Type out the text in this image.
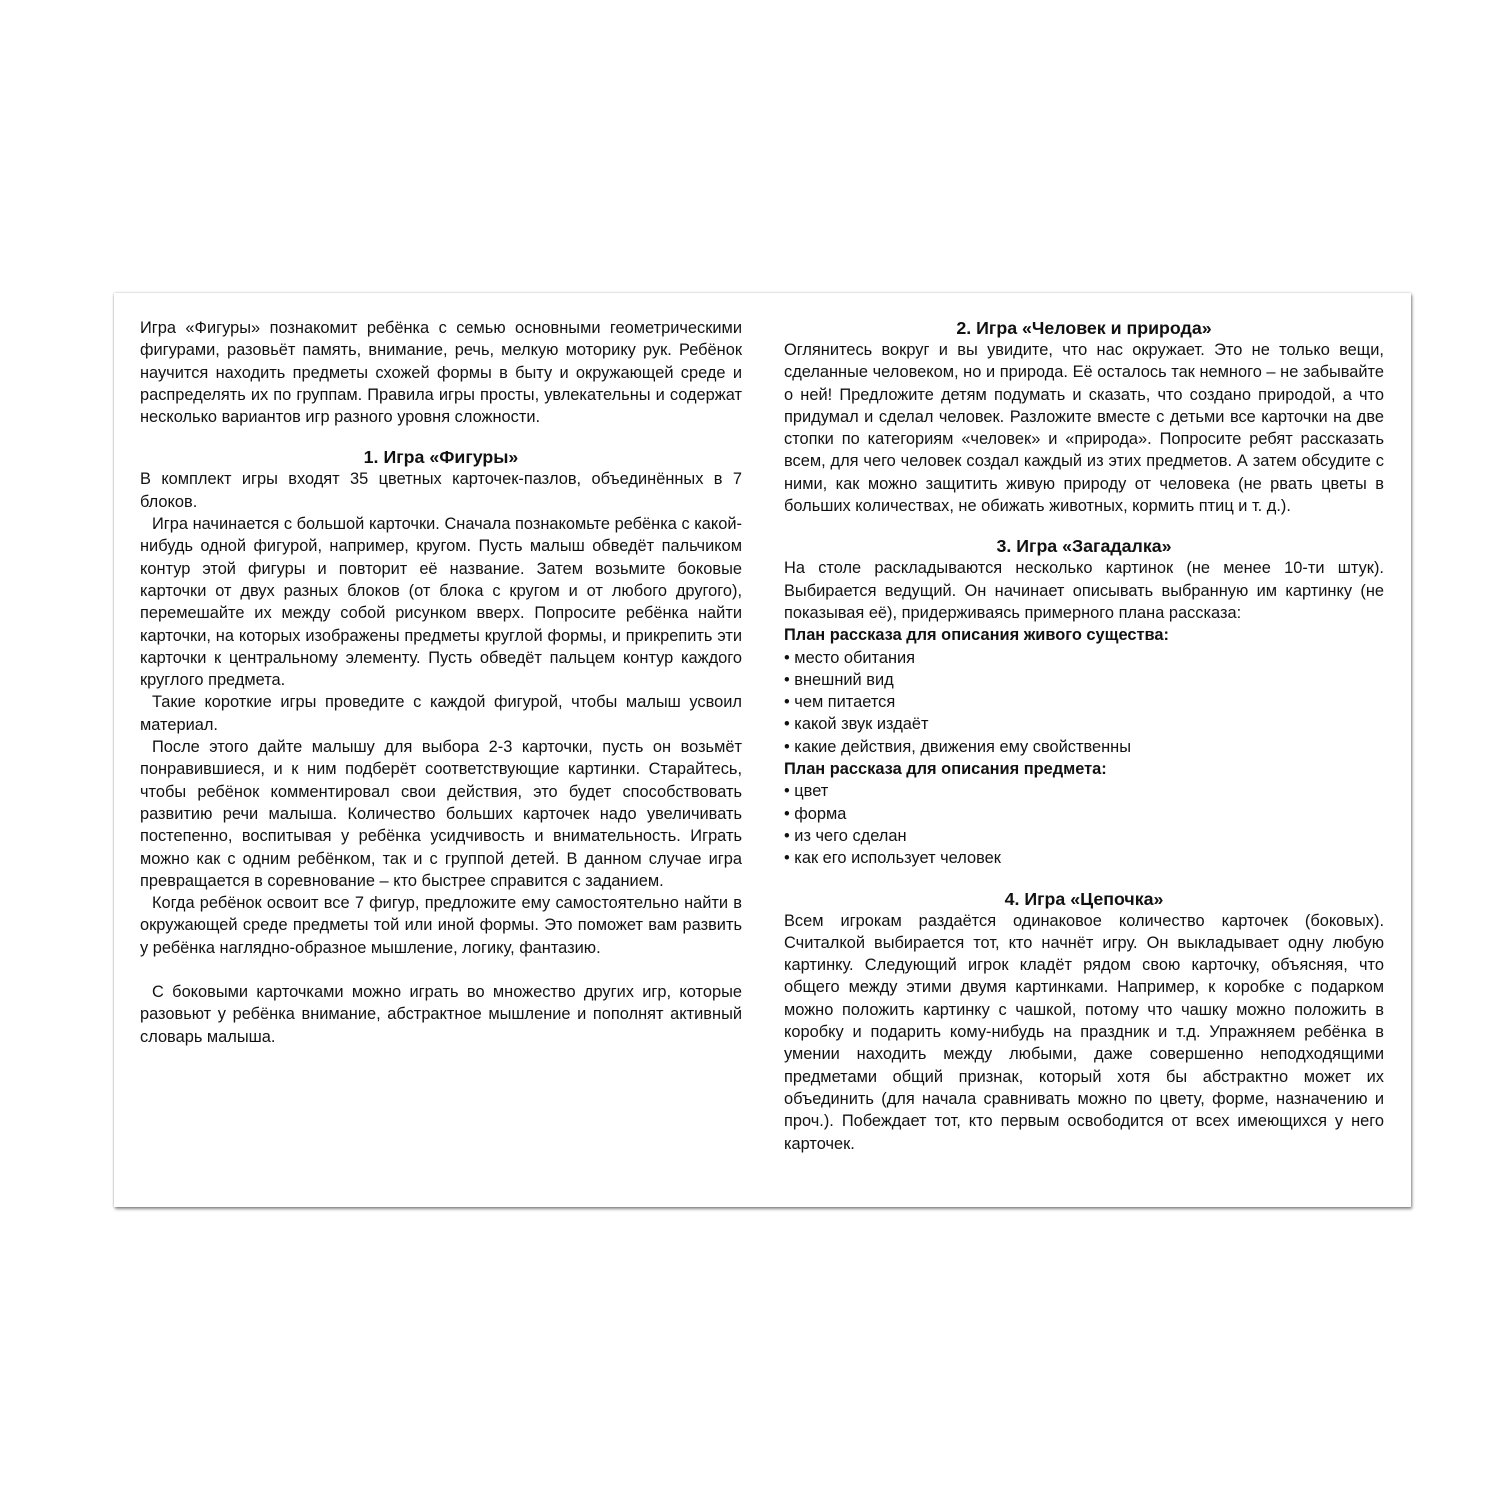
Игра «Фигуры» познакомит ребёнка с семью основными геометрическими фигурами, разовьёт память, внимание, речь, мелкую моторику рук. Ребёнок научится находить предметы схожей формы в быту и окружающей среде и распределять их по группам. Правила игры просты, увлекательны и содержат несколько вариантов игр разного уровня сложности.

1. Игра «Фигуры»

В комплект игры входят 35 цветных карточек-пазлов, объединённых в 7 блоков.

Игра начинается с большой карточки. Сначала познакомьте ребёнка с какой-нибудь одной фигурой, например, кругом. Пусть малыш обведёт пальчиком контур этой фигуры и повторит её название. Затем возьмите боковые карточки от двух разных блоков (от блока с кругом и от любого другого), перемешайте их между собой рисунком вверх. Попросите ребёнка найти карточки, на которых изображены предметы круглой формы, и прикрепить эти карточки к центральному элементу. Пусть обведёт пальцем контур каждого круглого предмета.

Такие короткие игры проведите с каждой фигурой, чтобы малыш усвоил материал.

После этого дайте малышу для выбора 2-3 карточки, пусть он возьмёт понравившиеся, и к ним подберёт соответствующие картинки. Старайтесь, чтобы ребёнок комментировал свои действия, это будет способствовать развитию речи малыша. Количество больших карточек надо увеличивать постепенно, воспитывая у ребёнка усидчивость и внимательность. Играть можно как с одним ребёнком, так и с группой детей. В данном случае игра превращается в соревнование – кто быстрее справится с заданием.

Когда ребёнок освоит все 7 фигур, предложите ему самостоятельно найти в окружающей среде предметы той или иной формы. Это поможет вам развить у ребёнка наглядно-образное мышление, логику, фантазию.

С боковыми карточками можно играть во множество других игр, которые разовьют у ребёнка внимание, абстрактное мышление и пополнят активный словарь малыша.

2. Игра «Человек и природа»

Оглянитесь вокруг и вы увидите, что нас окружает. Это не только вещи, сделанные человеком, но и природа. Её осталось так немного – не забывайте о ней! Предложите детям подумать и сказать, что создано природой, а что придумал и сделал человек. Разложите вместе с детьми все карточки на две стопки по категориям «человек» и «природа». Попросите ребят рассказать всем, для чего человек создал каждый из этих предметов. А затем обсудите с ними, как можно защитить живую природу от человека (не рвать цветы в больших количествах, не обижать животных, кормить птиц и т. д.).

3. Игра «Загадалка»

На столе раскладываются несколько картинок (не менее 10-ти штук). Выбирается ведущий. Он начинает описывать выбранную им картинку (не показывая её), придерживаясь примерного плана рассказа:

План рассказа для описания живого существа:

• место обитания
• внешний вид
• чем питается
• какой звук издаёт
• какие действия, движения ему свойственны

План рассказа для описания предмета:

• цвет
• форма
• из чего сделан
• как его использует человек

4. Игра «Цепочка»

Всем игрокам раздаётся одинаковое количество карточек (боковых). Считалкой выбирается тот, кто начнёт игру. Он выкладывает одну любую картинку. Следующий игрок кладёт рядом свою карточку, объясняя, что общего между этими двумя картинками. Например, к коробке с подарком можно положить картинку с чашкой, потому что чашку можно положить в коробку и подарить кому-нибудь на праздник и т.д. Упражняем ребёнка в умении находить между любыми, даже совершенно неподходящими предметами общий признак, который хотя бы абстрактно может их объединить (для начала сравнивать можно по цвету, форме, назначению и проч.). Побеждает тот, кто первым освободится от всех имеющихся у него карточек.
